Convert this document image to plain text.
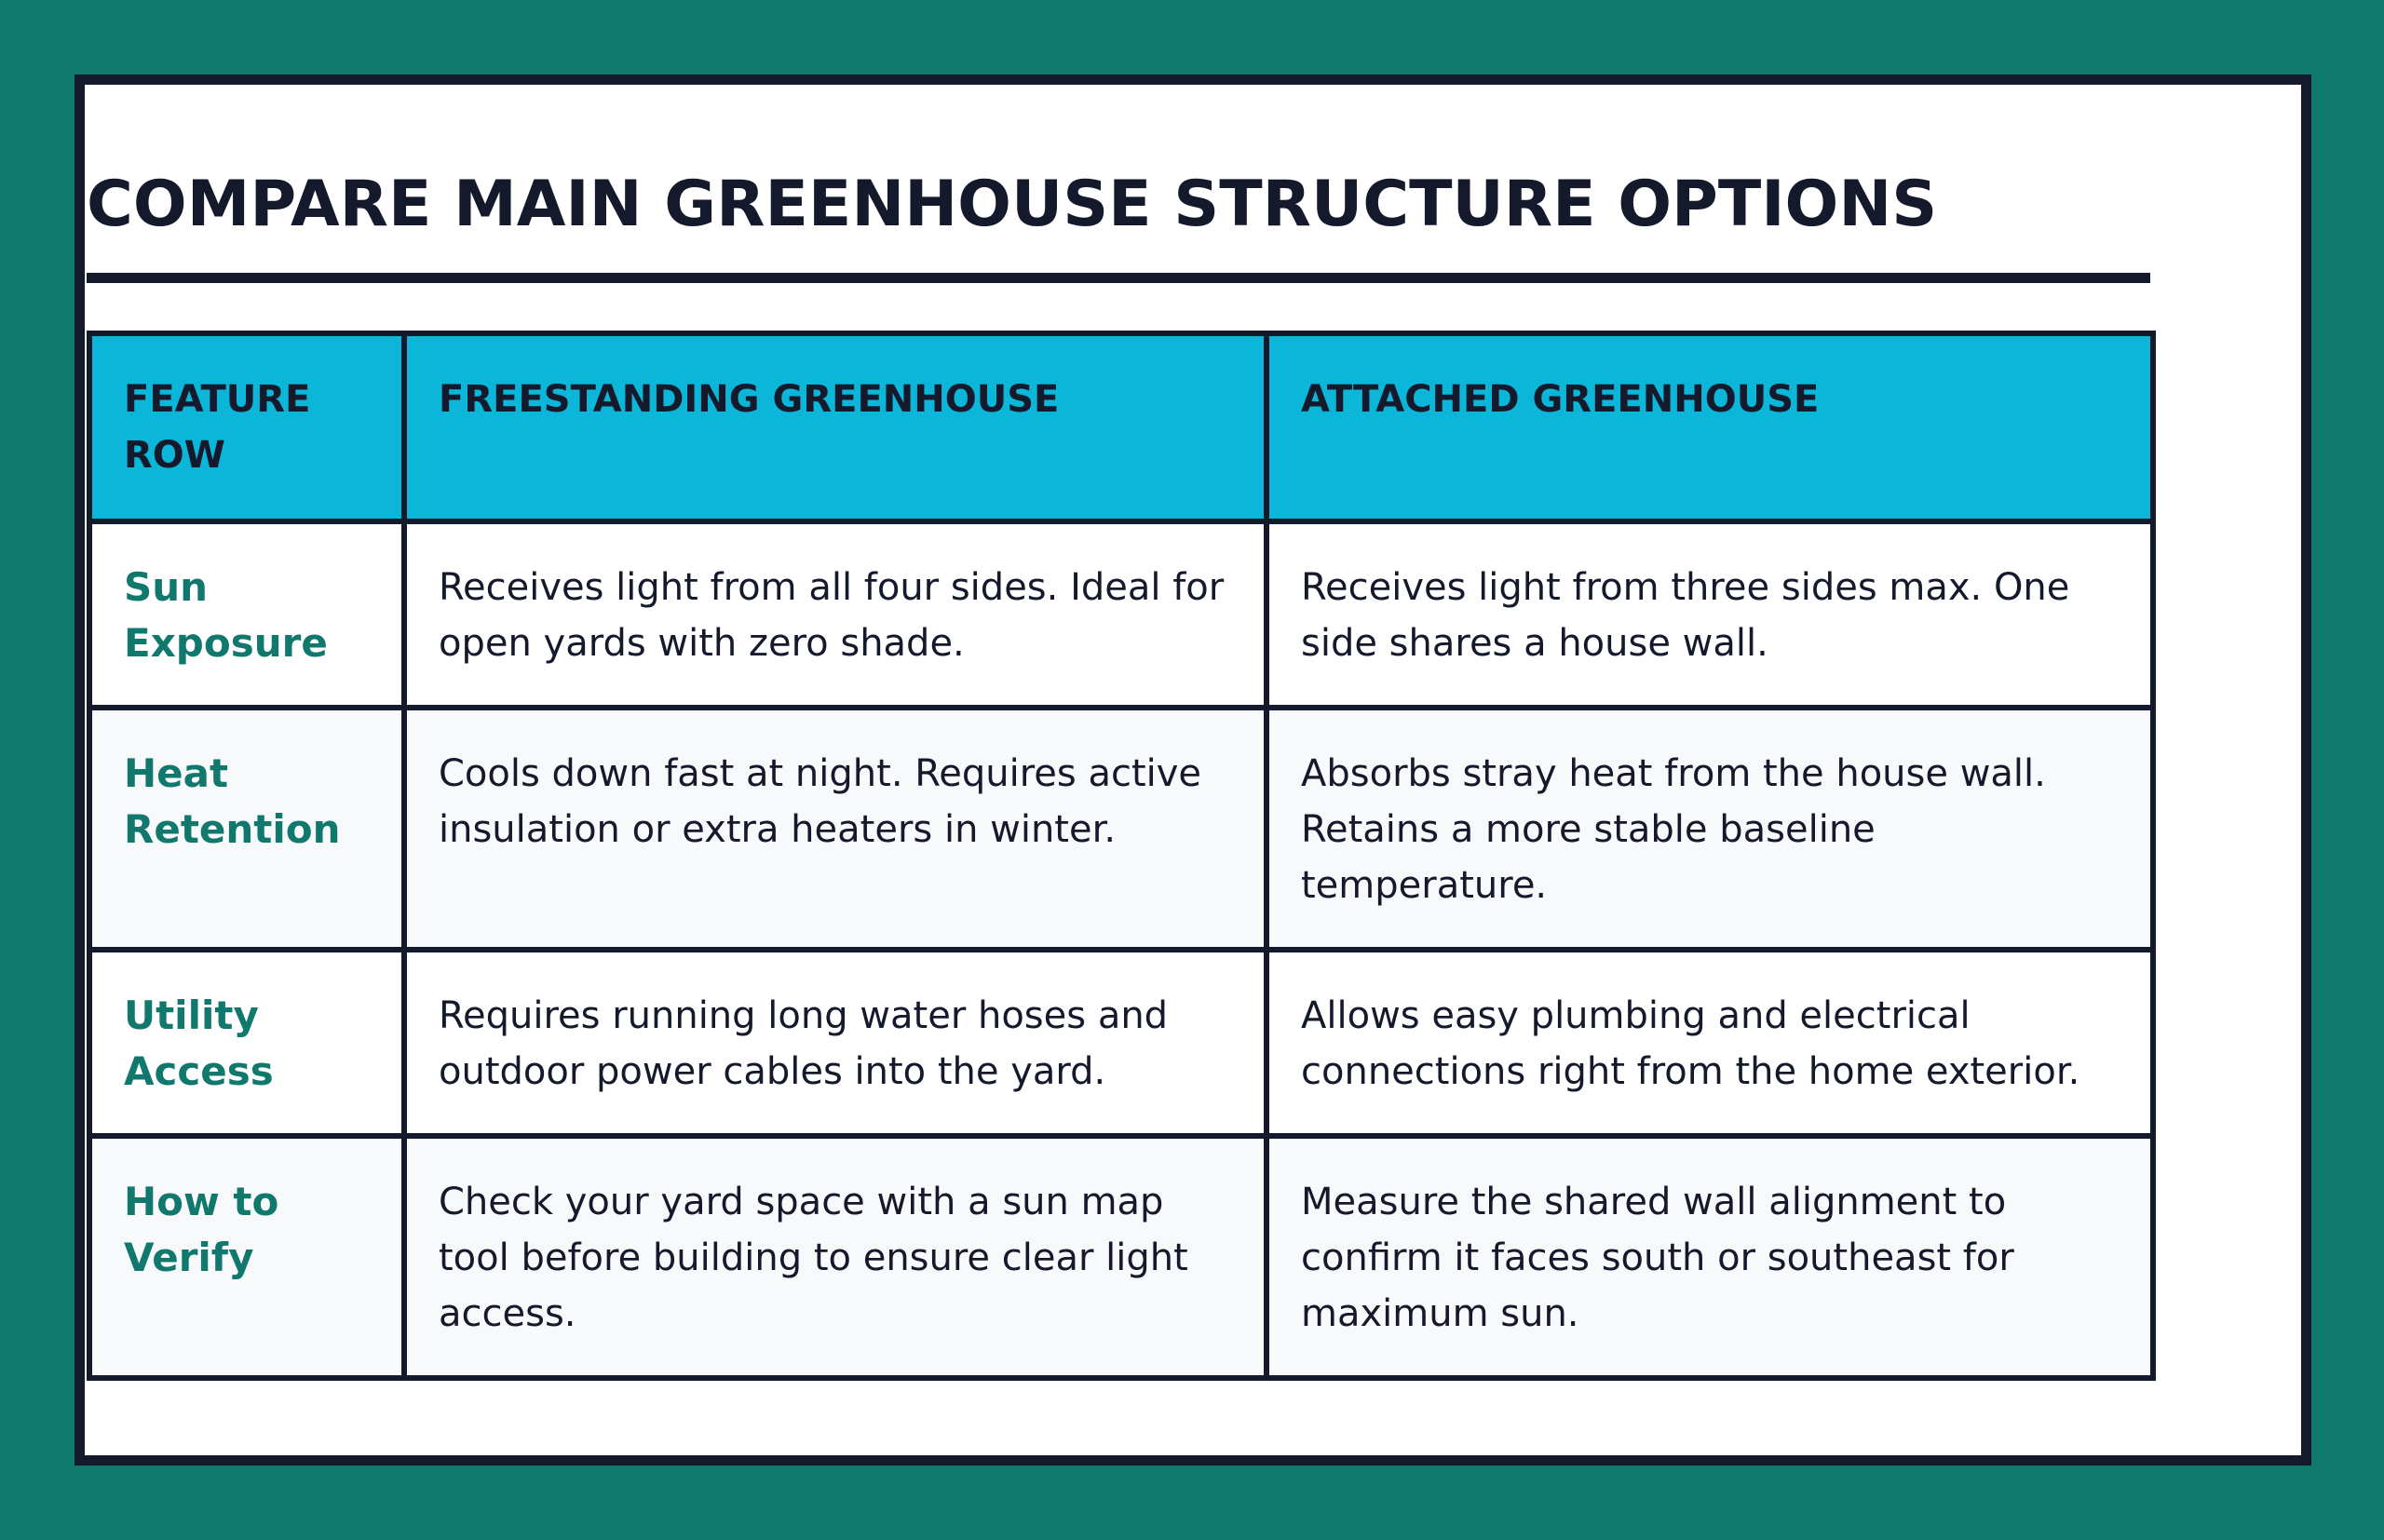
COMPARE MAIN GREENHOUSE STRUCTURE OPTIONS
FEATURE ROW	FREESTANDING GREENHOUSE	ATTACHED GREENHOUSE
Sun Exposure	Receives light from all four sides. Ideal for open yards with zero shade.	Receives light from three sides max. One side shares a house wall.
Heat Retention	Cools down fast at night. Requires active insulation or extra heaters in winter.	Absorbs stray heat from the house wall. Retains a more stable baseline temperature.
Utility Access	Requires running long water hoses and outdoor power cables into the yard.	Allows easy plumbing and electrical connections right from the home exterior.
How to Verify	Check your yard space with a sun map tool before building to ensure clear light access.	Measure the shared wall alignment to confirm it faces south or southeast for maximum sun.
